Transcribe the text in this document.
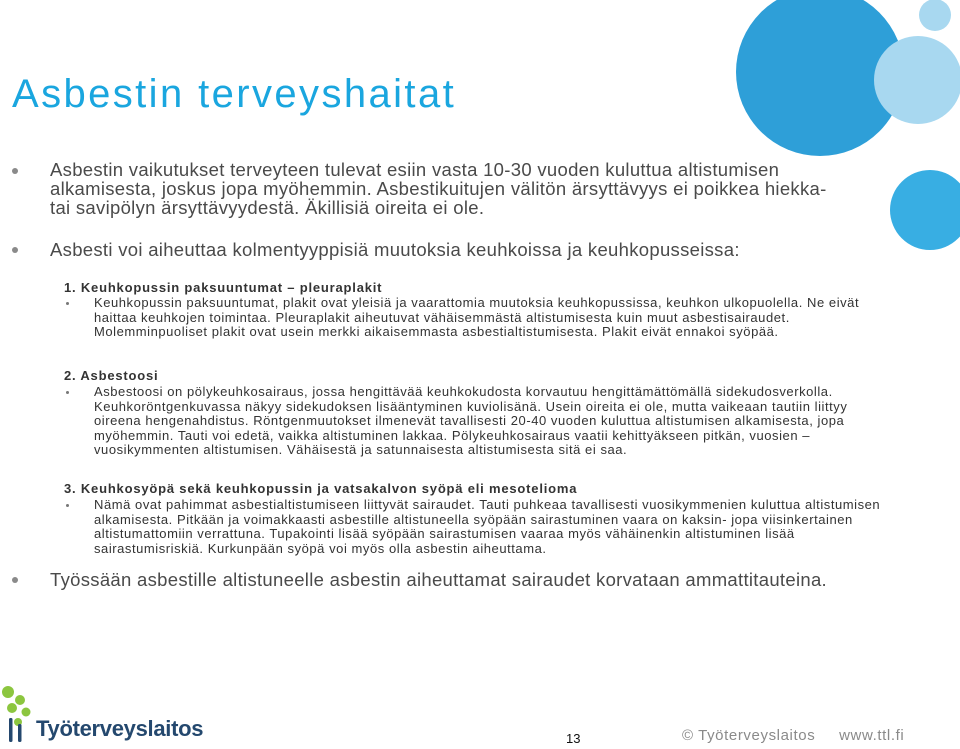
Asbestin terveyshaitat
Asbestin vaikutukset terveyteen tulevat esiin vasta 10-30 vuoden kuluttua altistumisen alkamisesta, joskus jopa myöhemmin. Asbestikuitujen välitön ärsyttävyys ei poikkea hiekka- tai savipölyn ärsyttävyydestä. Äkillisiä oireita ei ole.
Asbesti voi aiheuttaa kolmentyyppisiä muutoksia keuhkoissa ja keuhkopusseissa:
1. Keuhkopussin paksuuntumat – pleuraplakit
Keuhkopussin paksuuntumat, plakit ovat yleisiä ja vaarattomia muutoksia keuhkopussissa, keuhkon ulkopuolella. Ne eivät haittaa keuhkojen toimintaa. Pleuraplakit aiheutuvat vähäisemmästä altistumisesta kuin muut asbestisairaudet. Molemminpuoliset plakit ovat usein merkki aikaisemmasta asbestialtistumisesta. Plakit eivät ennakoi syöpää.
2. Asbestoosi
Asbestoosi on pölykeuhkosairaus, jossa hengittävää keuhkokudosta korvautuu hengittämättömällä sidekudosverkolla. Keuhkoröntgenkuvassa näkyy sidekudoksen lisääntyminen kuviolisänä. Usein oireita ei ole, mutta vaikeaan tautiin liittyy oireena hengenahdistus. Röntgenmuutokset ilmenevät tavallisesti 20-40 vuoden kuluttua altistumisen alkamisesta, jopa myöhemmin. Tauti voi edetä, vaikka altistuminen lakkaa. Pölykeuhkosairaus vaatii kehittyäkseen pitkän, vuosien – vuosikymmenten altistumisen. Vähäisestä ja satunnaisesta altistumisesta sitä ei saa.
3. Keuhkosyöpä sekä keuhkopussin ja vatsakalvon syöpä eli mesotelioma
Nämä ovat pahimmat asbestialtistumiseen liittyvät sairaudet. Tauti puhkeaa tavallisesti vuosikymmenien kuluttua altistumisen alkamisesta. Pitkään ja voimakkaasti asbestille altistuneella syöpään sairastuminen vaara on kaksin- jopa viisinkertainen altistumattomiin verrattuna. Tupakointi lisää syöpään sairastumisen vaaraa myös vähäinenkin altistuminen lisää sairastumisriskiä. Kurkunpään syöpä voi myös olla asbestin aiheuttama.
Työssään asbestille altistuneelle asbestin aiheuttamat sairaudet korvataan ammattitauteina.
Työterveyslaitos	13	© Työterveyslaitos     www.ttl.fi
